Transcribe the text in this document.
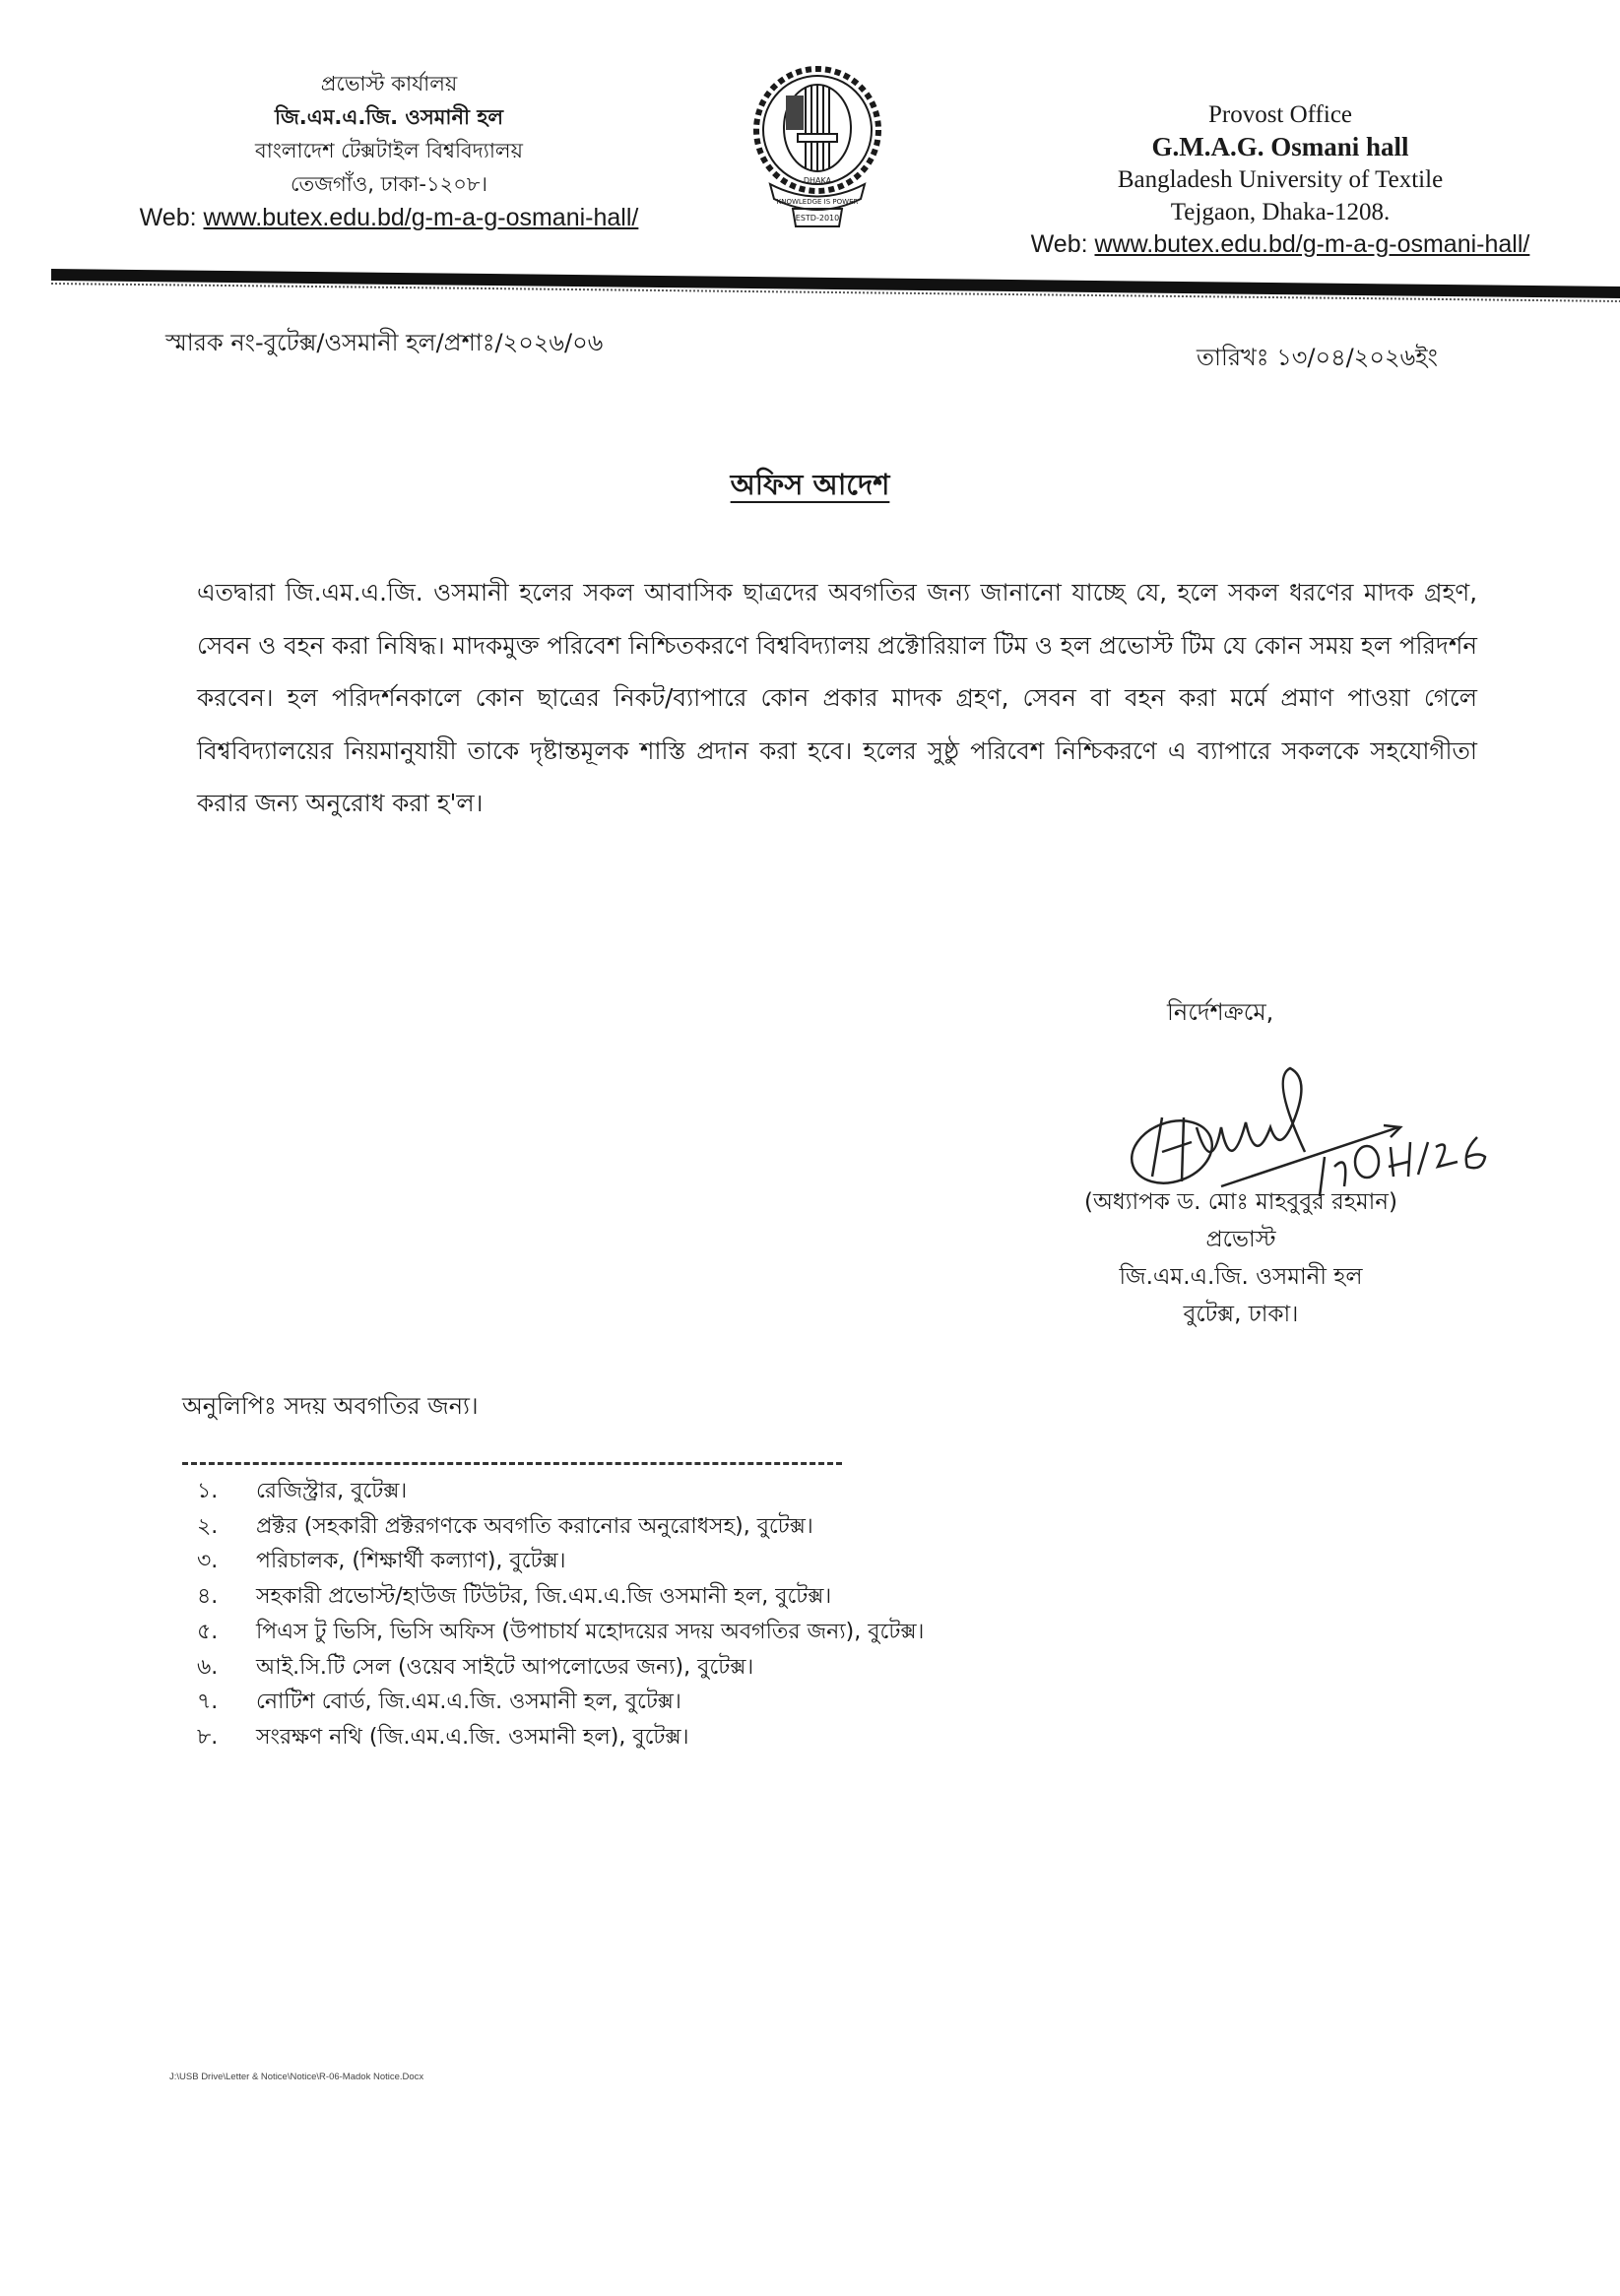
প্রভোস্ট কার্যালয়
জি.এম.এ.জি. ওসমানী হল
বাংলাদেশ টেক্সটাইল বিশ্ববিদ্যালয়
তেজগাঁও, ঢাকা-১২০৮।
Web: www.butex.edu.bd/g-m-a-g-osmani-hall/
DHAKA
KNOWLEDGE IS POWER
ESTD-2010
Provost Office
G.M.A.G. Osmani hall
Bangladesh University of Textile
Tejgaon, Dhaka-1208.
Web: www.butex.edu.bd/g-m-a-g-osmani-hall/
স্মারক নং-বুটেক্স/ওসমানী হল/প্রশাঃ/২০২৬/০৬
তারিখঃ ১৩/০৪/২০২৬ইং
অফিস আদেশ
এতদ্বারা জি.এম.এ.জি. ওসমানী হলের সকল আবাসিক ছাত্রদের অবগতির জন্য জানানো যাচ্ছে যে, হলে সকল ধরণের মাদক গ্রহণ, সেবন ও বহন করা নিষিদ্ধ। মাদকমুক্ত পরিবেশ নিশ্চিতকরণে বিশ্ববিদ্যালয় প্রক্টোরিয়াল টিম ও হল প্রভোস্ট টিম যে কোন সময় হল পরিদর্শন করবেন। হল পরিদর্শনকালে কোন ছাত্রের নিকট/ব্যাপারে কোন প্রকার মাদক গ্রহণ, সেবন বা বহন করা মর্মে প্রমাণ পাওয়া গেলে বিশ্ববিদ্যালয়ের নিয়মানুযায়ী তাকে দৃষ্টান্তমূলক শাস্তি প্রদান করা হবে। হলের সুষ্ঠু পরিবেশ নিশ্চিকরণে এ ব্যাপারে সকলকে সহযোগীতা করার জন্য অনুরোধ করা হ'ল।
নির্দেশক্রমে,
(অধ্যাপক ড. মোঃ মাহবুবুর রহমান)
প্রভোস্ট
জি.এম.এ.জি. ওসমানী হল
বুটেক্স, ঢাকা।
অনুলিপিঃ সদয় অবগতির জন্য।
১.	রেজিস্ট্রার, বুটেক্স।
২.	প্রক্টর (সহকারী প্রক্টরগণকে অবগতি করানোর অনুরোধসহ), বুটেক্স।
৩.	পরিচালক, (শিক্ষার্থী কল্যাণ), বুটেক্স।
৪.	সহকারী প্রভোস্ট/হাউজ টিউটর, জি.এম.এ.জি ওসমানী হল, বুটেক্স।
৫.	পিএস টু ভিসি, ভিসি অফিস (উপাচার্য মহোদয়ের সদয় অবগতির জন্য), বুটেক্স।
৬.	আই.সি.টি সেল (ওয়েব সাইটে আপলোডের জন্য), বুটেক্স।
৭.	নোটিশ বোর্ড, জি.এম.এ.জি. ওসমানী হল, বুটেক্স।
৮.	সংরক্ষণ নথি (জি.এম.এ.জি. ওসমানী হল), বুটেক্স।
J:\USB Drive\Letter & Notice\Notice\R-06-Madok Notice.Docx
